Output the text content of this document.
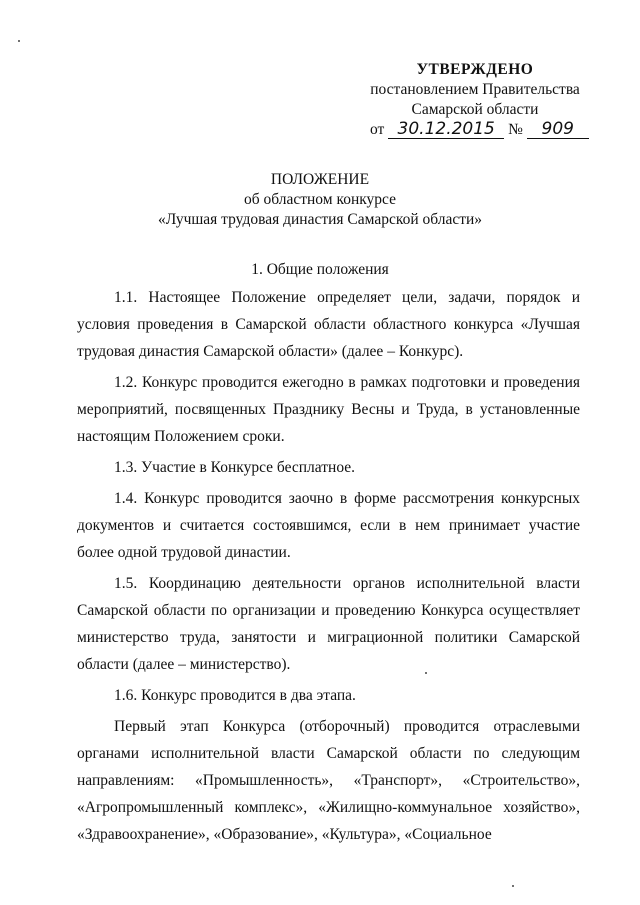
УТВЕРЖДЕНО
постановлением Правительства
Самарской области
от 30.12.2015 № 909
ПОЛОЖЕНИЕ
об областном конкурсе
«Лучшая трудовая династия Самарской области»
1. Общие положения

1.1. Настоящее Положение определяет цели, задачи, порядок и условия проведения в Самарской области областного конкурса «Лучшая трудовая династия Самарской области» (далее – Конкурс).

1.2. Конкурс проводится ежегодно в рамках подготовки и проведения мероприятий, посвященных Празднику Весны и Труда, в установленные настоящим Положением сроки.

1.3. Участие в Конкурсе бесплатное.

1.4. Конкурс проводится заочно в форме рассмотрения конкурсных документов и считается состоявшимся, если в нем принимает участие более одной трудовой династии.

1.5. Координацию деятельности органов исполнительной власти Самарской области по организации и проведению Конкурса осуществляет министерство труда, занятости и миграционной политики Самарской области (далее – министерство).

1.6. Конкурс проводится в два этапа.

Первый этап Конкурса (отборочный) проводится отраслевыми органами исполнительной власти Самарской области по следующим направлениям: «Промышленность», «Транспорт», «Строительство», «Агропромышленный комплекс», «Жилищно-коммунальное хозяйство», «Здравоохранение», «Образование», «Культура», «Социальное
